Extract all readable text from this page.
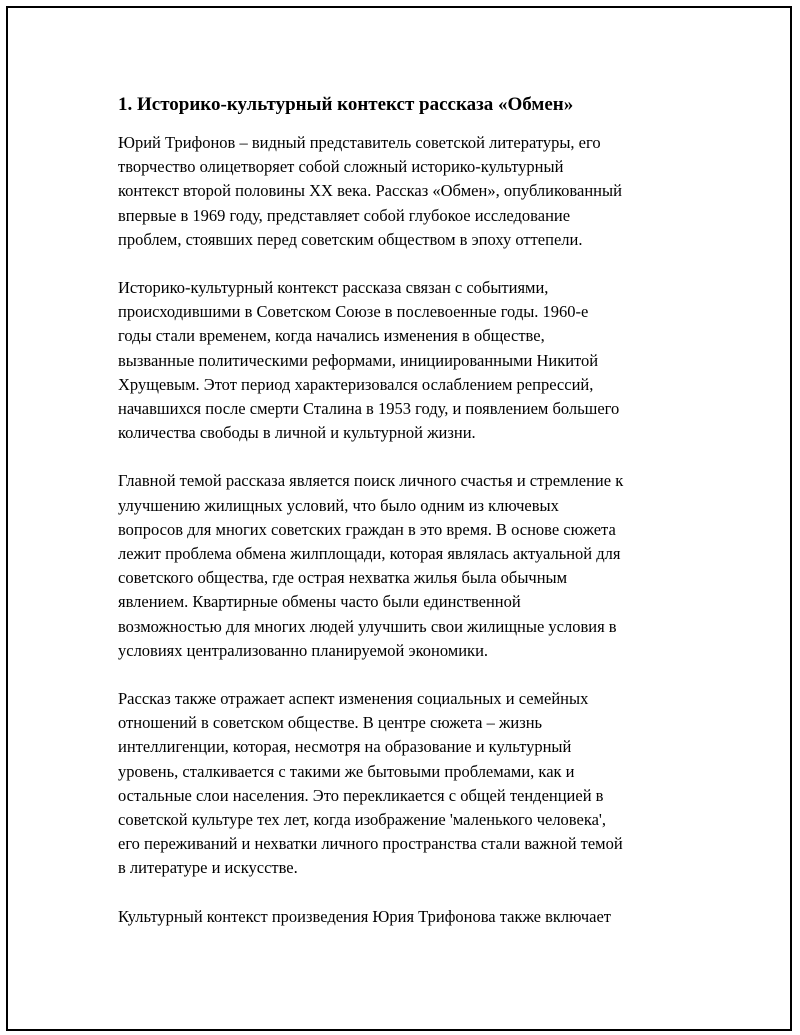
1. Историко-культурный контекст рассказа «Обмен»
Юрий Трифонов – видный представитель советской литературы, его
творчество олицетворяет собой сложный историко-культурный
контекст второй половины XX века. Рассказ «Обмен», опубликованный
впервые в 1969 году, представляет собой глубокое исследование
проблем, стоявших перед советским обществом в эпоху оттепели.
Историко-культурный контекст рассказа связан с событиями,
происходившими в Советском Союзе в послевоенные годы. 1960-е
годы стали временем, когда начались изменения в обществе,
вызванные политическими реформами, инициированными Никитой
Хрущевым. Этот период характеризовался ослаблением репрессий,
начавшихся после смерти Сталина в 1953 году, и появлением большего
количества свободы в личной и культурной жизни.
Главной темой рассказа является поиск личного счастья и стремление к
улучшению жилищных условий, что было одним из ключевых
вопросов для многих советских граждан в это время. В основе сюжета
лежит проблема обмена жилплощади, которая являлась актуальной для
советского общества, где острая нехватка жилья была обычным
явлением. Квартирные обмены часто были единственной
возможностью для многих людей улучшить свои жилищные условия в
условиях централизованно планируемой экономики.
Рассказ также отражает аспект изменения социальных и семейных
отношений в советском обществе. В центре сюжета – жизнь
интеллигенции, которая, несмотря на образование и культурный
уровень, сталкивается с такими же бытовыми проблемами, как и
остальные слои населения. Это перекликается с общей тенденцией в
советской культуре тех лет, когда изображение 'маленького человека',
его переживаний и нехватки личного пространства стали важной темой
в литературе и искусстве.
Культурный контекст произведения Юрия Трифонова также включает
